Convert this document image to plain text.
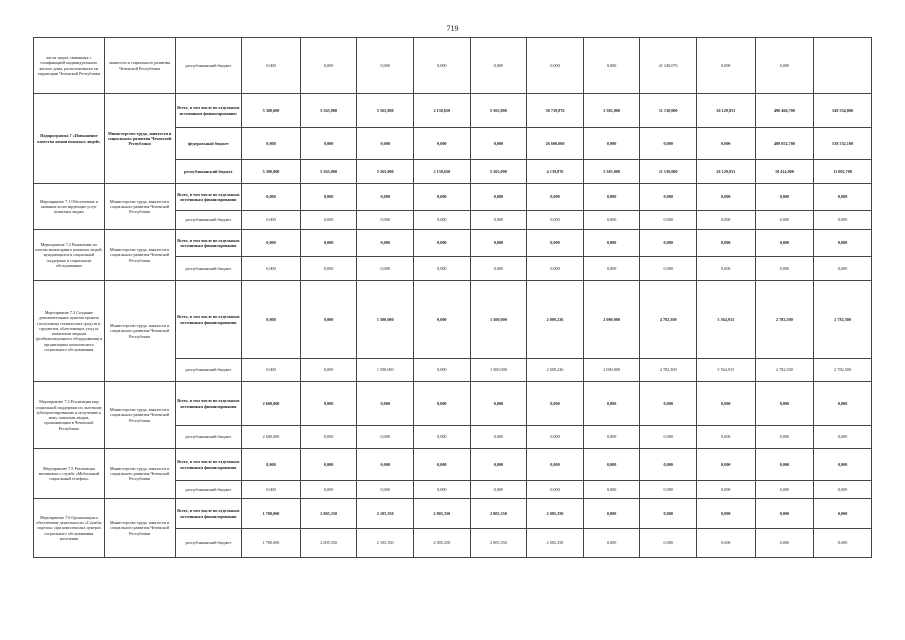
719
части затрат, связанных с газификацией индивидуального жилого дома, расположенного на территории Чеченской Республики	занятости и социального развития Чеченской Республики	республиканский бюджет	0,000	0,000	0,000	0,000	0,000	0,000	0,000	41 340,076	0,000	0,000	
Подпрограмма 7 «Повышение качества жизни пожилых людей»	Министерство труда, занятости и социального развития Чеченской Республики	Всего, в том числе по отдельным источникам финансирования:	5 300,000	5 565,000	5 565,000	2 130,650	5 565,000	30 739,876	5 565,000	11 130,000	26 129,831	490 466,700	549 334,800
		федеральный бюджет	0,000	0,000	0,000	0,000	0,000	26 600,000	0,000	0,000	0,000	480 052,700	538 332,100
		республиканский бюджет	5 300,000	5 565,000	5 565,000	2 130,650	5 565,000	4 139,876	5 565,000	11 130,000	26 129,831	10 414,000	11 002,700
Мероприятие 7.1 Обеспечение и оказание ассистирующих услуг пожилым людям	Министерство труда, занятости и социального развития Чеченской Республики	Всего, в том числе по отдельным источникам финансирования	0,000	0,000	0,000	0,000	0,000	0,000	0,000	0,000	0,000	0,000	0,000
		республиканский бюджет	0,000	0,000	0,000	0,000	0,000	0,000	0,000	0,000	0,000	0,000	0,000
Мероприятие 7.2 Выявление по итогам мониторинга пожилых людей, нуждающихся в социальной поддержке и социальном обслуживании	Министерство труда, занятости и социального развития Чеченской Республики	Всего, в том числе по отдельным источникам финансирования	0,000	0,000	0,000	0,000	0,000	0,000	0,000	0,000	0,000	0,000	0,000
		республиканский бюджет	0,000	0,000	0,000	0,000	0,000	0,000	0,000	0,000	0,000	0,000	0,000
Мероприятие 7.3 Создание дополнительных пунктов проката (получения) технических средств и предметов, облегчающих уход за пожилыми людьми (реабилитационного оборудования) в организациях комплексного социального обслуживания	Министерство труда, занятости и социального развития Чеченской Республики	Всего, в том числе по отдельным источникам финансирования	0,000	0,000	1 500,000	0,000	1 500,000	2 009,226	2 000,000	4 782,300	5 564,915	2 782,500	2 782,500
		республиканский бюджет	0,000	0,000	1 500,000	0,000	1 500,000	2 009,226	2 000,000	4 782,300	5 564,915	2 782,500	2 782,500
Мероприятие 7.4 Реализация мер социальной поддержки по льготному зубопротезированию и получению к нему пожилым людям, проживающим в Чеченской Республике	Министерство труда, занятости и социального развития Чеченской Республики	Всего, в том числе по отдельным источникам финансирования	2 600,000	0,000	0,000	0,000	0,000	0,000	0,000	0,000	0,000	0,000	0,000
		республиканский бюджет	2 600,000	0,000	0,000	0,000	0,000	0,000	0,000	0,000	0,000	0,000	0,000
Мероприятие 7.5 Реализация механизма о службе «Мобильный социальный телефон»	Министерство труда, занятости и социального развития Чеченской Республики	Всего, в том числе по отдельным источникам финансирования	0,000	0,000	0,000	0,000	0,000	0,000	0,000	0,000	0,000	0,000	0,000
		республиканский бюджет	0,000	0,000	0,000	0,000	0,000	0,000	0,000	0,000	0,000	0,000	0,000
Мероприятие 7.6 Организация и обеспечение деятельности «Службы сиделок» при комплексных центрах социального обслуживания населения	Министерство труда, занятости и социального развития Чеченской Республики	Всего, в том числе по отдельным источникам финансирования	1 700,000	2 005,350	2 105,350	2 005,350	2 005,350	2 005,350	0,000	0,000	0,000	0,000	0,000
		республиканский бюджет	1 700,000	2 005,350	2 105,350	2 005,350	2 005,350	2 005,350	0,000	0,000	0,000	0,000	0,000
